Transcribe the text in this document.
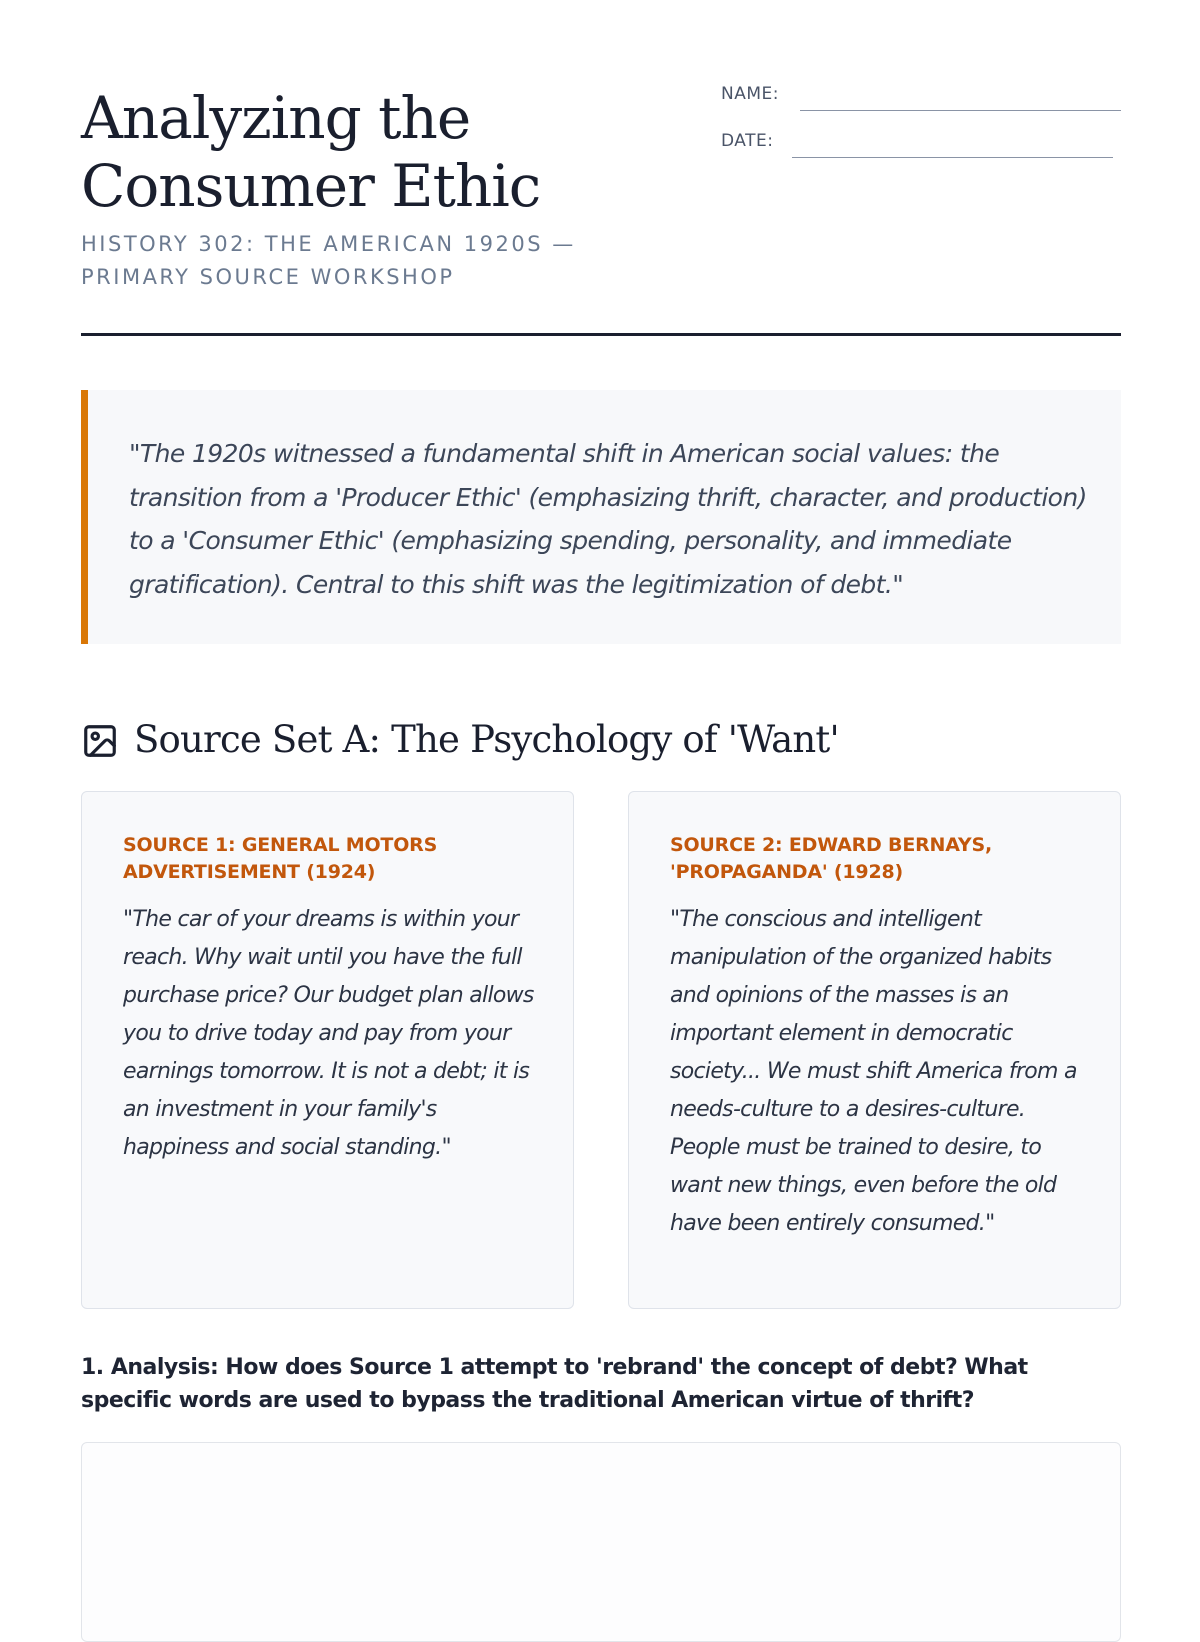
Analyzing the Consumer Ethic
HISTORY 302: THE AMERICAN 1920S — PRIMARY SOURCE WORKSHOP
NAME:
DATE:
"The 1920s witnessed a fundamental shift in American social values: the transition from a 'Producer Ethic' (emphasizing thrift, character, and production) to a 'Consumer Ethic' (emphasizing spending, personality, and immediate gratification). Central to this shift was the legitimization of debt."
Source Set A: The Psychology of 'Want'
SOURCE 1: GENERAL MOTORS ADVERTISEMENT (1924)
"The car of your dreams is within your reach. Why wait until you have the full purchase price? Our budget plan allows you to drive today and pay from your earnings tomorrow. It is not a debt; it is an investment in your family's happiness and social standing."
SOURCE 2: EDWARD BERNAYS, 'PROPAGANDA' (1928)
"The conscious and intelligent manipulation of the organized habits and opinions of the masses is an important element in democratic society... We must shift America from a needs-culture to a desires-culture. People must be trained to desire, to want new things, even before the old have been entirely consumed."
1. Analysis: How does Source 1 attempt to 'rebrand' the concept of debt? What specific words are used to bypass the traditional American virtue of thrift?
